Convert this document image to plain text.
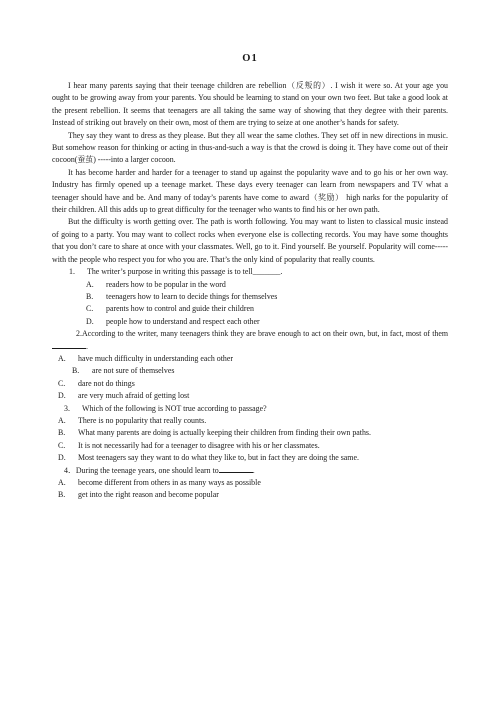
O1

I hear many parents saying that their teenage children are rebellion（反叛的）. I wish it were so. At your age you ought to be growing away from your parents. You should be learning to stand on your own two feet. But take a good look at the present rebellion. It seems that teenagers are all taking the same way of showing that they degree with their parents. Instead of striking out bravely on their own, most of them are trying to seize at one another’s hands for safety.

They say they want to dress as they please. But they all wear the same clothes. They set off in new directions in music. But somehow reason for thinking or acting in thus-and-such a way is that the crowd is doing it. They have come out of their cocoon(蚕茧) -----into a larger cocoon.

It has become harder and harder for a teenager to stand up against the popularity wave and to go his or her own way. Industry has firmly opened up a teenage market. These days every teenager can learn from newspapers and TV what a teenager should have and be. And many of today’s parents have come to award（奖励） high narks for the popularity of their children. All this adds up to great difficulty for the teenager who wants to find his or her own path.

But the difficulty is worth getting over. The path is worth following. You may want to listen to classical music instead of going to a party. You may want to collect rocks when everyone else is collecting records. You may have some thoughts that you don’t care to share at once with your classmates. Well, go to it. Find yourself. Be yourself. Popularity will come-----with the people who respect you for who you are. That’s the only kind of popularity that really counts.

1. The writer’s purpose in writing this passage is to tell_______.

A.	readers how to be popular in the word
B.	teenagers how to learn to decide things for themselves
C.	parents how to control and guide their children
D.	people how to understand and respect each other

2.According to the writer, many teenagers think they are brave enough to act on their own, but, in fact, most of them.

A.	have much difficulty in understanding each other
B.	are not sure of themselves
C.	dare not do things
D.	are very much afraid of getting lost

3. Which of the following is NOT true according to passage?

A.	There is no popularity that really counts.
B.	What many parents are doing is actually keeping their children from finding their own paths.
C.	It is not necessarily had for a teenager to disagree with his or her classmates.
D.	Most teenagers say they want to do what they like to, but in fact they are doing the same.

4．During the teenage years, one should learn to	.

A.	become different from others in as many ways as possible
B.	get into the right reason and become popular
